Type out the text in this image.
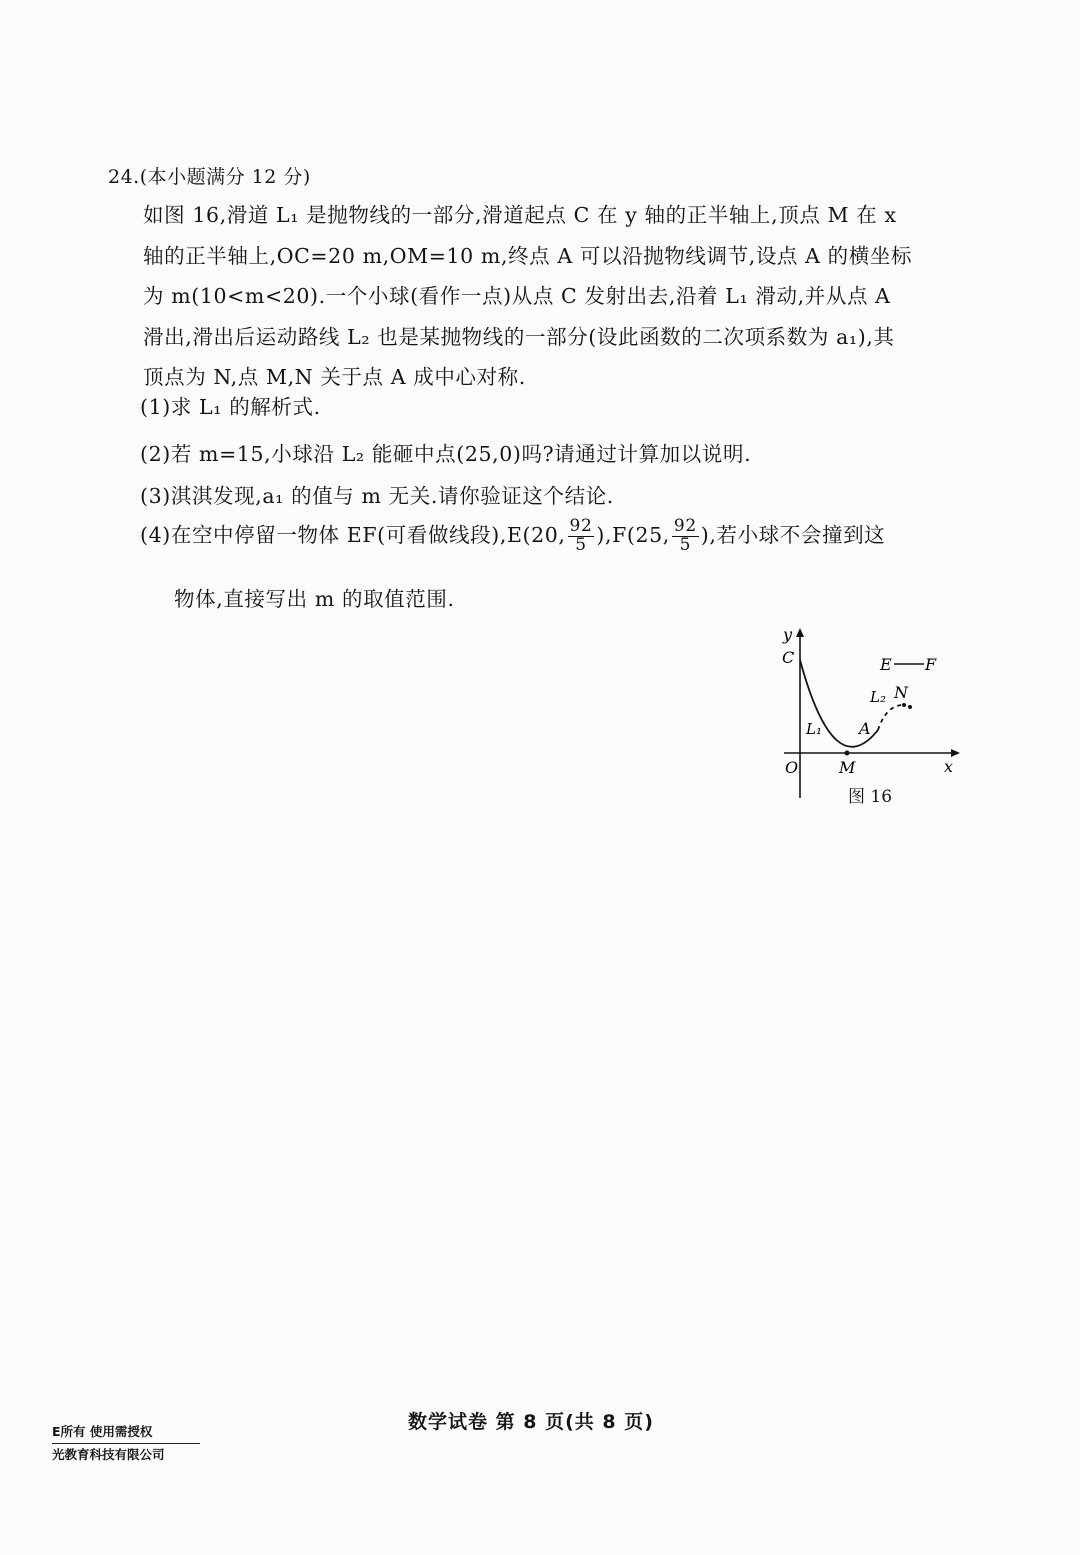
24.(本小题满分 12 分)
如图 16,滑道 L₁ 是抛物线的一部分,滑道起点 C 在 y 轴的正半轴上,顶点 M 在 x
轴的正半轴上,OC=20 m,OM=10 m,终点 A 可以沿抛物线调节,设点 A 的横坐标
为 m(10<m<20).一个小球(看作一点)从点 C 发射出去,沿着 L₁ 滑动,并从点 A
滑出,滑出后运动路线 L₂ 也是某抛物线的一部分(设此函数的二次项系数为 a₁),其
顶点为 N,点 M,N 关于点 A 成中心对称.
(1)求 L₁ 的解析式.
(2)若 m=15,小球沿 L₂ 能砸中点(25,0)吗?请通过计算加以说明.
(3)淇淇发现,a₁ 的值与 m 无关.请你验证这个结论.
(4)在空中停留一物体 EF(可看做线段),E(20, $\frac{92}{5} ),F(25$, $\frac{92}{5}$ ),若小球不会撞到这
物体,直接写出 m 的取值范围.
y
x
O
C
M
A
N
L₁
L₂
E F
图 16
数学试卷 第 8 页(共 8 页)
E所有 使用需授权
光教育科技有限公司
